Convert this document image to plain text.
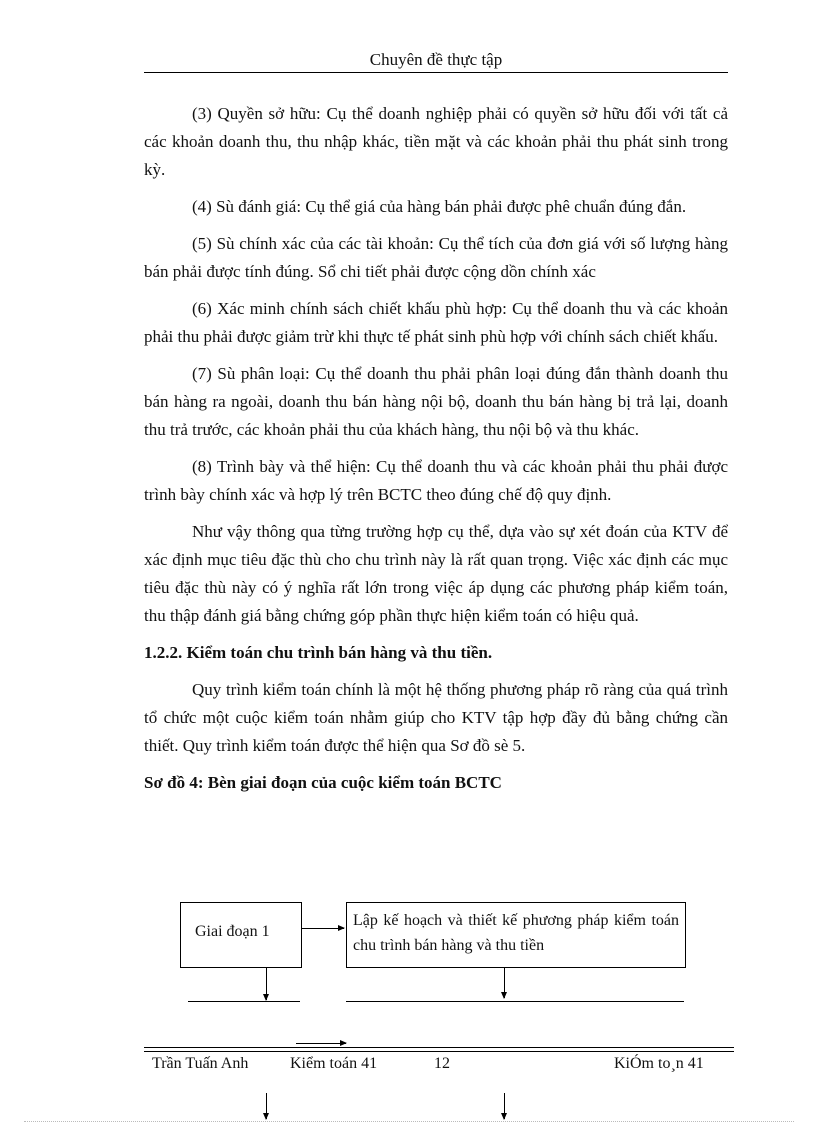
Chuyên đề thực tập

(3) Quyền sở hữu: Cụ thể doanh nghiệp phải có quyền sở hữu đối với tất cả các khoản doanh thu, thu nhập khác, tiền mặt và các khoản phải thu phát sinh trong kỳ.

(4) Sù đánh giá: Cụ thể giá của hàng bán phải được phê chuẩn đúng đắn.

(5) Sù chính xác của các tài khoản: Cụ thể tích của đơn giá với số lượng hàng bán phải được tính đúng. Sổ chi tiết phải được cộng dồn chính xác

(6) Xác minh chính sách chiết khấu phù hợp: Cụ thể doanh thu và các khoản phải thu phải được giảm trừ khi thực tế phát sinh phù hợp với chính sách chiết khấu.

(7) Sù phân loại: Cụ thể doanh thu phải phân loại đúng đắn thành doanh thu bán hàng ra ngoài, doanh thu bán hàng nội bộ, doanh thu bán hàng bị trả lại, doanh thu trả trước, các khoản phải thu của khách hàng, thu nội bộ và thu khác.

(8) Trình bày và thể hiện: Cụ thể doanh thu và các khoản phải thu phải được trình bày chính xác và hợp lý trên BCTC theo đúng chế độ quy định.

Như vậy thông qua từng trường hợp cụ thể, dựa vào sự xét đoán của KTV để xác định mục tiêu đặc thù cho chu trình này là rất quan trọng. Việc xác định các mục tiêu đặc thù này có ý nghĩa rất lớn trong việc áp dụng các phương pháp kiểm toán, thu thập đánh giá bằng chứng góp phần thực hiện kiểm toán có hiệu quả.

1.2.2. Kiểm toán chu trình bán hàng và thu tiền.

Quy trình kiểm toán chính là một hệ thống phương pháp rõ ràng của quá trình tổ chức một cuộc kiểm toán nhằm giúp cho KTV tập hợp đầy đủ bằng chứng cần thiết. Quy trình kiểm toán được thể hiện qua Sơ đồ sè 5.

Sơ đồ 4: Bèn giai đoạn của cuộc kiểm toán BCTC
Giai đoạn 1
Lập kế hoạch và thiết kế phương pháp kiểm toán chu trình bán hàng và thu tiền
Trần Tuấn Anh	Kiểm toán 41	12	KiÓm to¸n 41
